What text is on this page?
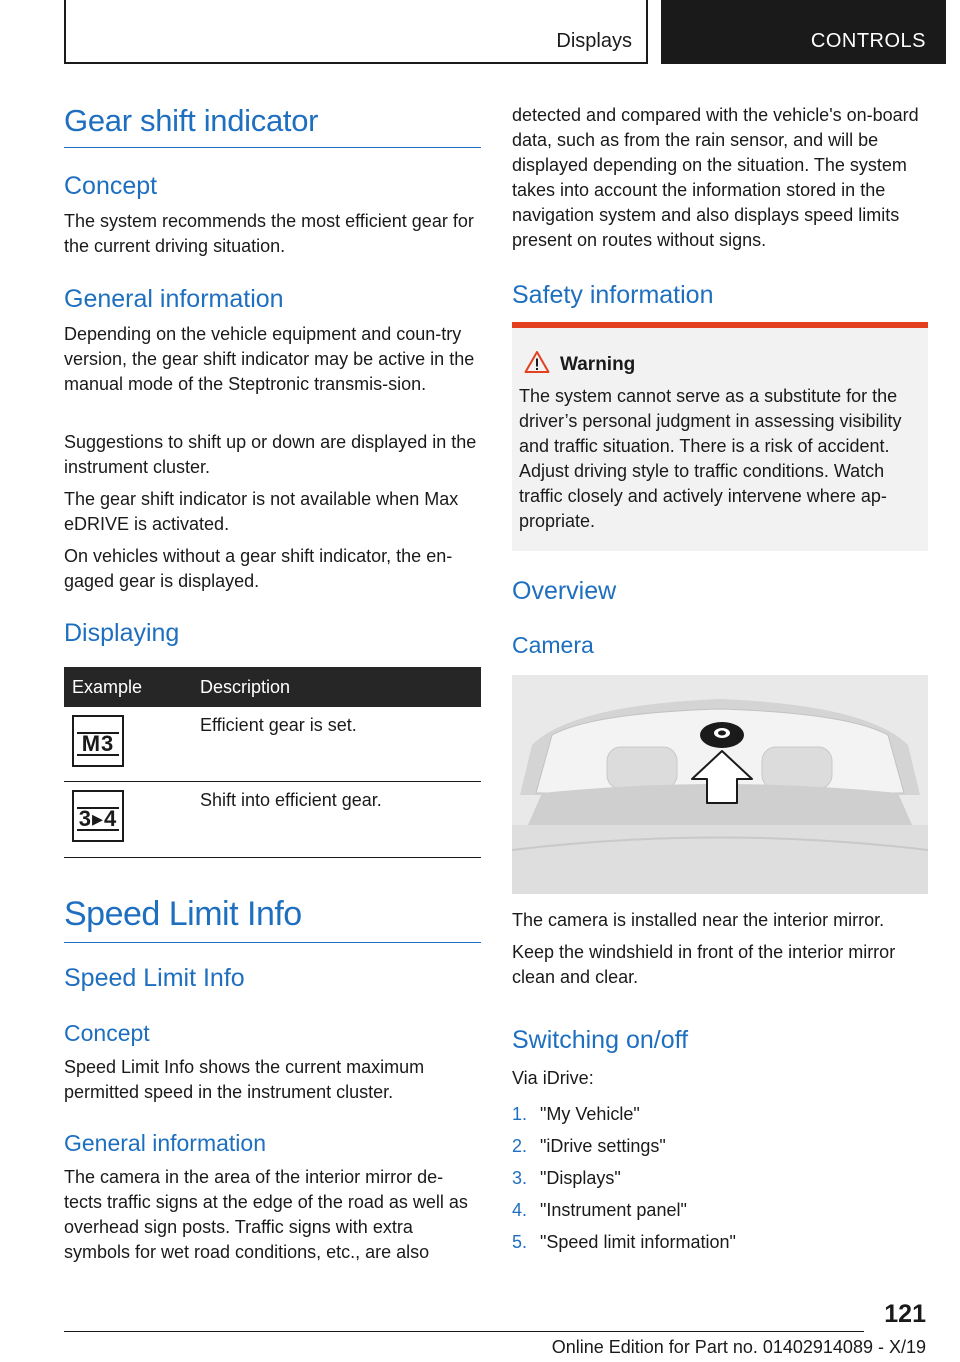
Displays	CONTROLS
Gear shift indicator
Concept

The system recommends the most efficient gear for the current driving situation.

General information

Depending on the vehicle equipment and coun-try version, the gear shift indicator may be active in the manual mode of the Steptronic transmis-sion.

Suggestions to shift up or down are displayed in the instrument cluster.

The gear shift indicator is not available when Max eDRIVE is activated.

On vehicles without a gear shift indicator, the en-gaged gear is displayed.

Displaying
Example	Description

M3	Efficient gear is set.

3▸4	Shift into efficient gear.
Speed Limit Info
Speed Limit Info
Concept

Speed Limit Info shows the current maximum permitted speed in the instrument cluster.

General information

The camera in the area of the interior mirror de-tects traffic signs at the edge of the road as well as overhead sign posts. Traffic signs with extra symbols for wet road conditions, etc., are also

detected and compared with the vehicle's on-board data, such as from the rain sensor, and will be displayed depending on the situation. The system takes into account the information stored in the navigation system and also displays speed limits present on routes without signs.

Safety information
Warning

The system cannot serve as a substitute for the driver’s personal judgment in assessing visibility and traffic situation. There is a risk of accident. Adjust driving style to traffic conditions. Watch traffic closely and actively intervene where ap-propriate.

Overview
Camera

The camera is installed near the interior mirror.

Keep the windshield in front of the interior mirror clean and clear.

Switching on/off

Via iDrive:

1. "My Vehicle"
2. "iDrive settings"
3. "Displays"
4. "Instrument panel"
5. "Speed limit information"
121
Online Edition for Part no. 01402914089 - X/19
